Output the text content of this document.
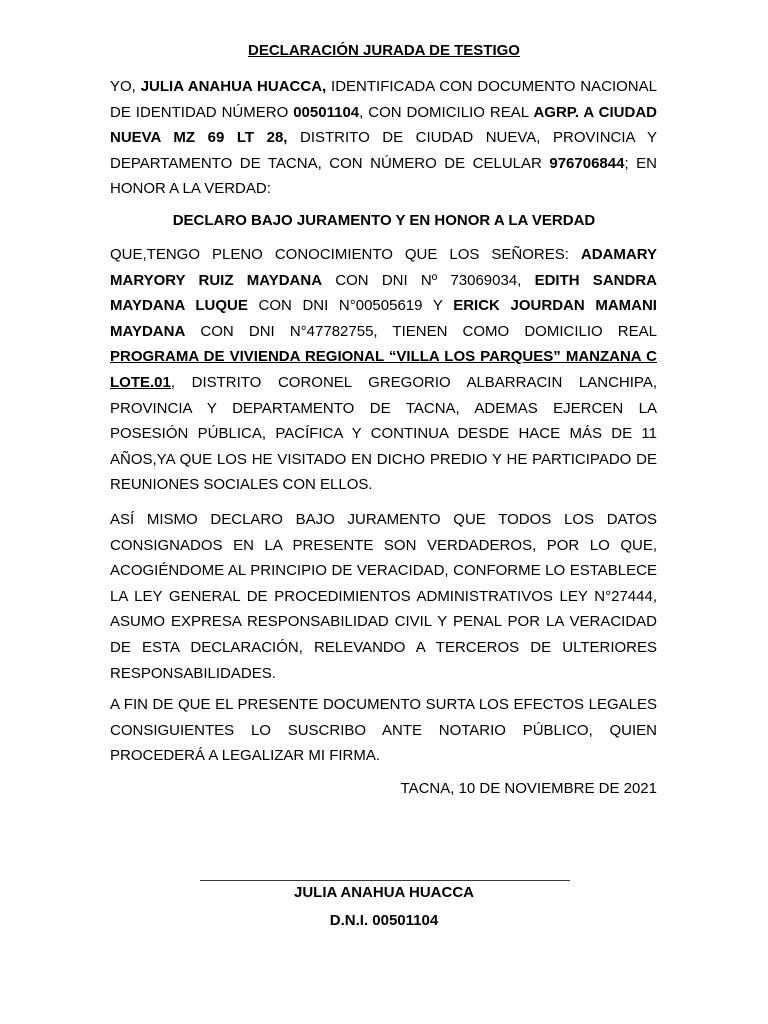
DECLARACIÓN JURADA DE TESTIGO

YO, JULIA ANAHUA HUACCA, IDENTIFICADA CON DOCUMENTO NACIONAL DE IDENTIDAD NÚMERO 00501104, CON DOMICILIO REAL AGRP. A CIUDAD NUEVA MZ 69 LT 28, DISTRITO DE CIUDAD NUEVA, PROVINCIA Y DEPARTAMENTO DE TACNA, CON NÚMERO DE CELULAR 976706844; EN HONOR A LA VERDAD:

DECLARO BAJO JURAMENTO Y EN HONOR A LA VERDAD

QUE,TENGO PLENO CONOCIMIENTO QUE LOS SEÑORES: ADAMARY MARYORY RUIZ MAYDANA CON DNI Nº 73069034, EDITH SANDRA MAYDANA LUQUE CON DNI N°00505619 Y ERICK JOURDAN MAMANI MAYDANA CON DNI N°47782755, TIENEN COMO DOMICILIO REAL PROGRAMA DE VIVIENDA REGIONAL “VILLA LOS PARQUES” MANZANA C LOTE.01, DISTRITO CORONEL GREGORIO ALBARRACIN LANCHIPA, PROVINCIA Y DEPARTAMENTO DE TACNA, ADEMAS EJERCEN LA POSESIÓN PÚBLICA, PACÍFICA Y CONTINUA DESDE HACE MÁS DE 11 AÑOS,YA QUE LOS HE VISITADO EN DICHO PREDIO Y HE PARTICIPADO DE REUNIONES SOCIALES CON ELLOS.

ASÍ MISMO DECLARO BAJO JURAMENTO QUE TODOS LOS DATOS CONSIGNADOS EN LA PRESENTE SON VERDADEROS, POR LO QUE, ACOGIÉNDOME AL PRINCIPIO DE VERACIDAD, CONFORME LO ESTABLECE LA LEY GENERAL DE PROCEDIMIENTOS ADMINISTRATIVOS LEY N°27444, ASUMO EXPRESA RESPONSABILIDAD CIVIL Y PENAL POR LA VERACIDAD DE ESTA DECLARACIÓN, RELEVANDO A TERCEROS DE ULTERIORES RESPONSABILIDADES.

A FIN DE QUE EL PRESENTE DOCUMENTO SURTA LOS EFECTOS LEGALES CONSIGUIENTES LO SUSCRIBO ANTE NOTARIO PÚBLICO, QUIEN PROCEDERÁ A LEGALIZAR MI FIRMA.

TACNA, 10 DE NOVIEMBRE DE 2021
JULIA ANAHUA HUACCA
D.N.I. 00501104
